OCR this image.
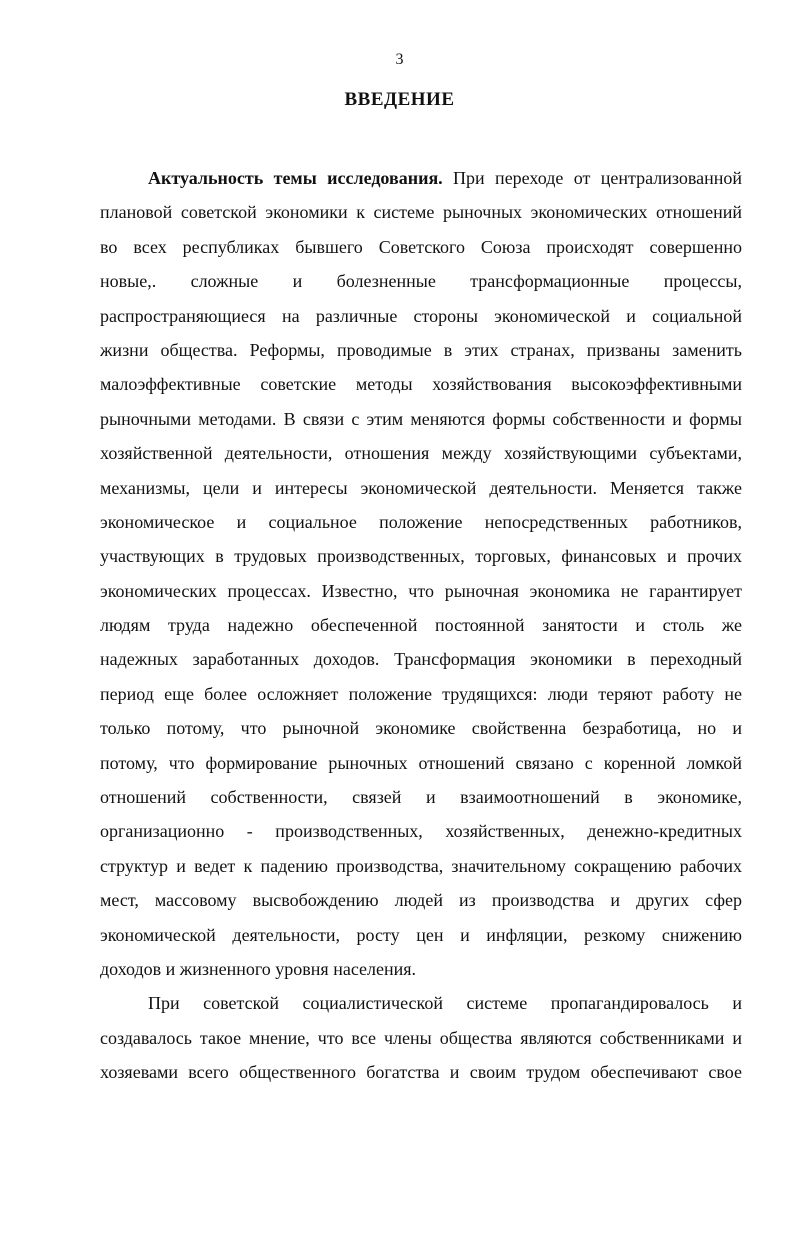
3
ВВЕДЕНИЕ
Актуальность темы исследования. При переходе от централизованной
плановой советской экономики к системе рыночных экономических отношений
во всех республиках бывшего Советского Союза происходят совершенно
новые,. сложные и болезненные трансформационные процессы,
распространяющиеся на различные стороны экономической и социальной
жизни общества. Реформы, проводимые в этих странах, призваны заменить
малоэффективные советские методы хозяйствования высокоэффективными
рыночными методами. В связи с этим меняются формы собственности и формы
хозяйственной деятельности, отношения между хозяйствующими субъектами,
механизмы, цели и интересы экономической деятельности. Меняется также
экономическое и социальное положение непосредственных работников,
участвующих в трудовых производственных, торговых, финансовых и прочих
экономических процессах. Известно, что рыночная экономика не гарантирует
людям труда надежно обеспеченной постоянной занятости и столь же
надежных заработанных доходов. Трансформация экономики в переходный
период еще более осложняет положение трудящихся: люди теряют работу не
только потому, что рыночной экономике свойственна безработица, но и
потому, что формирование рыночных отношений связано с коренной ломкой
отношений собственности, связей и взаимоотношений в экономике,
организационно - производственных, хозяйственных, денежно-кредитных
структур и ведет к падению производства, значительному сокращению рабочих
мест, массовому высвобождению людей из производства и других сфер
экономической деятельности, росту цен и инфляции, резкому снижению
доходов и жизненного уровня населения.
При советской социалистической системе пропагандировалось и
создавалось такое мнение, что все члены общества являются собственниками и
хозяевами всего общественного богатства и своим трудом обеспечивают свое
